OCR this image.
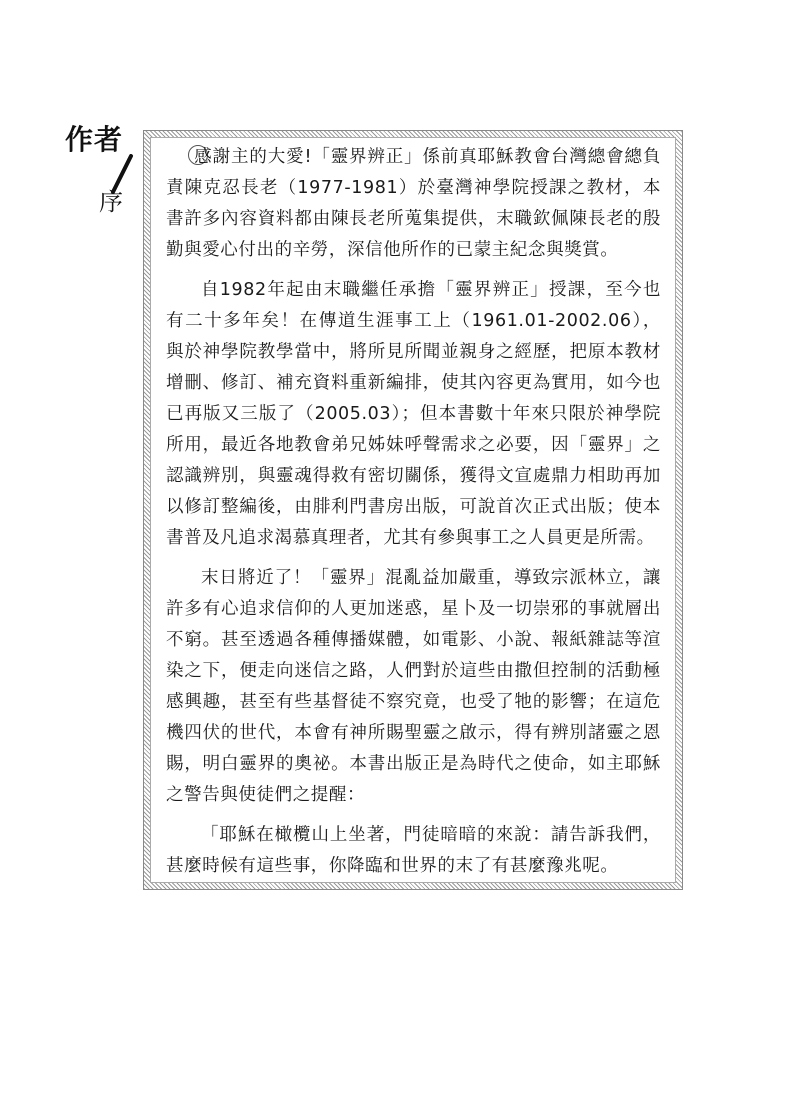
作者
序

感謝主的大愛!「靈界辨正」係前真耶穌教會台灣總會總負責陳克忍長老（1977-1981）於臺灣神學院授課之教材，本書許多內容資料都由陳長老所蒐集提供，末職欽佩陳長老的殷勤與愛心付出的辛勞，深信他所作的已蒙主紀念與獎賞。

自1982年起由末職繼任承擔「靈界辨正」授課，至今也有二十多年矣！在傳道生涯事工上（1961.01-2002.06），與於神學院教學當中，將所見所聞並親身之經歷，把原本教材增刪、修訂、補充資料重新編排，使其內容更為實用，如今也已再版又三版了（2005.03）；但本書數十年來只限於神學院所用，最近各地教會弟兄姊妹呼聲需求之必要，因「靈界」之認識辨別，與靈魂得救有密切關係，獲得文宣處鼎力相助再加以修訂整編後，由腓利門書房出版，可說首次正式出版；使本書普及凡追求渴慕真理者，尤其有參與事工之人員更是所需。

末日將近了！「靈界」混亂益加嚴重，導致宗派林立，讓許多有心追求信仰的人更加迷惑，星卜及一切崇邪的事就層出不窮。甚至透過各種傳播媒體，如電影、小說、報紙雜誌等渲染之下，便走向迷信之路，人們對於這些由撒但控制的活動極感興趣，甚至有些基督徒不察究竟，也受了牠的影響；在這危機四伏的世代，本會有神所賜聖靈之啟示，得有辨別諸靈之恩賜，明白靈界的奧祕。本書出版正是為時代之使命，如主耶穌之警告與使徒們之提醒：

「耶穌在橄欖山上坐著，門徒暗暗的來說：請告訴我們，甚麼時候有這些事，你降臨和世界的末了有甚麼豫兆呢。
